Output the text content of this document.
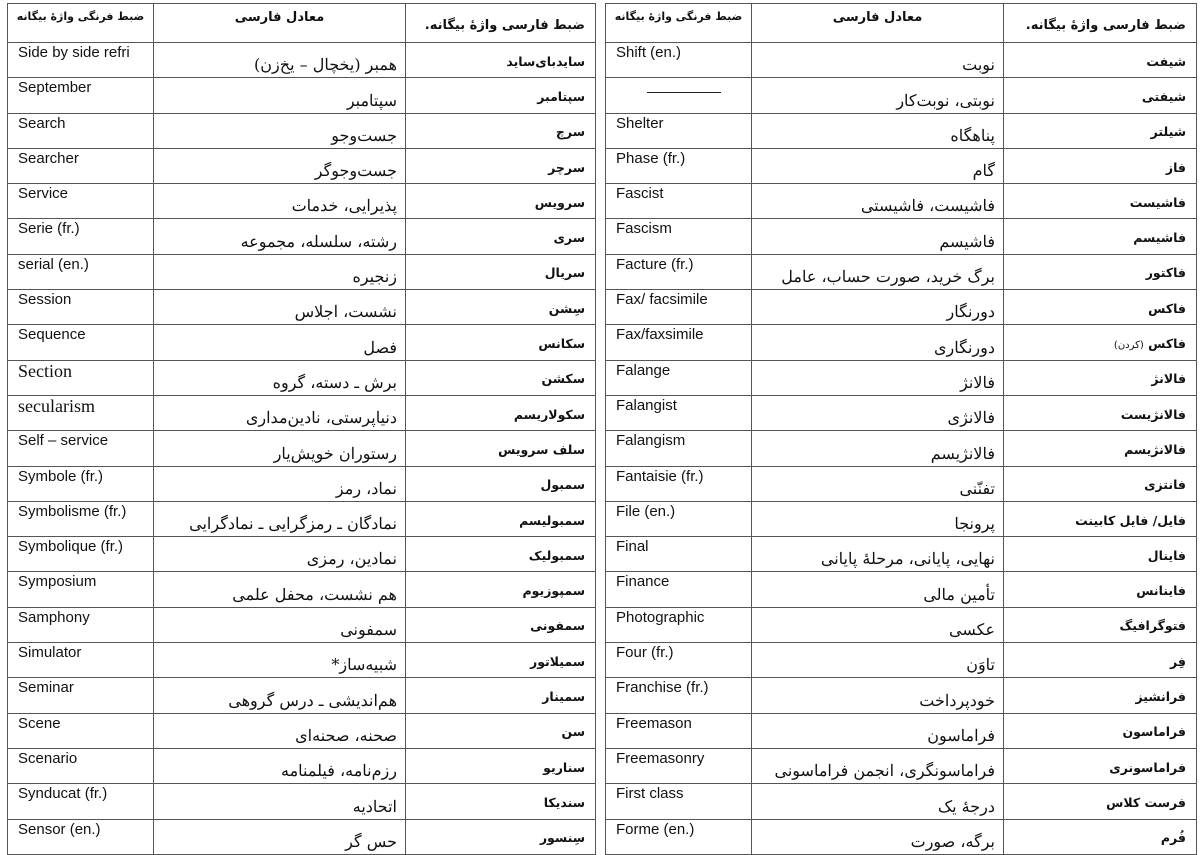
ضبط فرنگی واژهٔ بیگانه	معادل فارسی	ضبط فارسی واژهٔ بیگانه.
Side by side refri	همبر (یخچال – یخ‌زن)	سایدبای‌ساید
September	سپتامبر	سپتامبر
Search	جست‌وجو	سرچ
Searcher	جست‌وجوگر	سرچر
Service	پذیرایی، خدمات	سرویس
Serie (fr.)	رشته، سلسله، مجموعه	سری
serial (en.)	زنجیره	سریال
Session	نشست، اجلاس	سِشن
Sequence	فصل	سکانس
Section	برش ـ دسته، گروه	سکشن
secularism	دنیاپرستی، نادین‌مداری	سکولاریسم
Self – service	رستوران خویش‌یار	سلف سرویس
Symbole (fr.)	نماد، رمز	سمبول
Symbolisme (fr.)	نمادگان ـ رمزگرایی ـ نمادگرایی	سمبولیسم
Symbolique (fr.)	نمادین، رمزی	سمبولیک
Symposium	هم نشست، محفل علمی	سمپوزیوم
Samphony	سمفونی	سمفونی
Simulator	شبیه‌ساز*	سمیلاتور
Seminar	هم‌اندیشی ـ درس گروهی	سمینار
Scene	صحنه، صحنه‌ای	سن
Scenario	رزم‌نامه، فیلمنامه	سناریو
Synducat (fr.)	اتحادیه	سندیکا
Sensor (en.)	حس گر	سِنسور
ضبط فرنگی واژهٔ بیگانه	معادل فارسی	ضبط فارسی واژهٔ بیگانه.
Shift (en.)	نوبت	شیفت

	نوبتی، نوبت‌کار	شیفتی
Shelter	پناهگاه	شیلتر
Phase (fr.)	گام	فاز
Fascist	فاشیست، فاشیستی	فاشیست
Fascism	فاشیسم	فاشیسم
Facture (fr.)	برگ خرید، صورت حساب، عامل	فاکتور
Fax/ facsimile	دورنگار	فاکس
Fax/faxsimile	دورنگاری	فاکس (کردن)
Falange	فالانژ	فالانژ
Falangist	فالانژی	فالانژیست
Falangism	فالانژیسم	فالانژیسم
Fantaisie (fr.)	تفنّنی	فانتزی
File (en.)	پرونجا	فایل/ فایل کابینت
Final	نهایی، پایانی، مرحلهٔ پایانی	فاینال
Finance	تأمین مالی	فاینانس
Photographic	عکسی	فتوگرافیگ
Four (fr.)	تاوَن	فِر
Franchise (fr.)	خودپرداخت	فرانشیز
Freemason	فراماسون	فراماسون
Freemasonry	فراماسونگری، انجمن فراماسونی	فراماسونری
First class	درجهٔ یک	فرست کلاس
Forme (en.)	برگه، صورت	فُرم
